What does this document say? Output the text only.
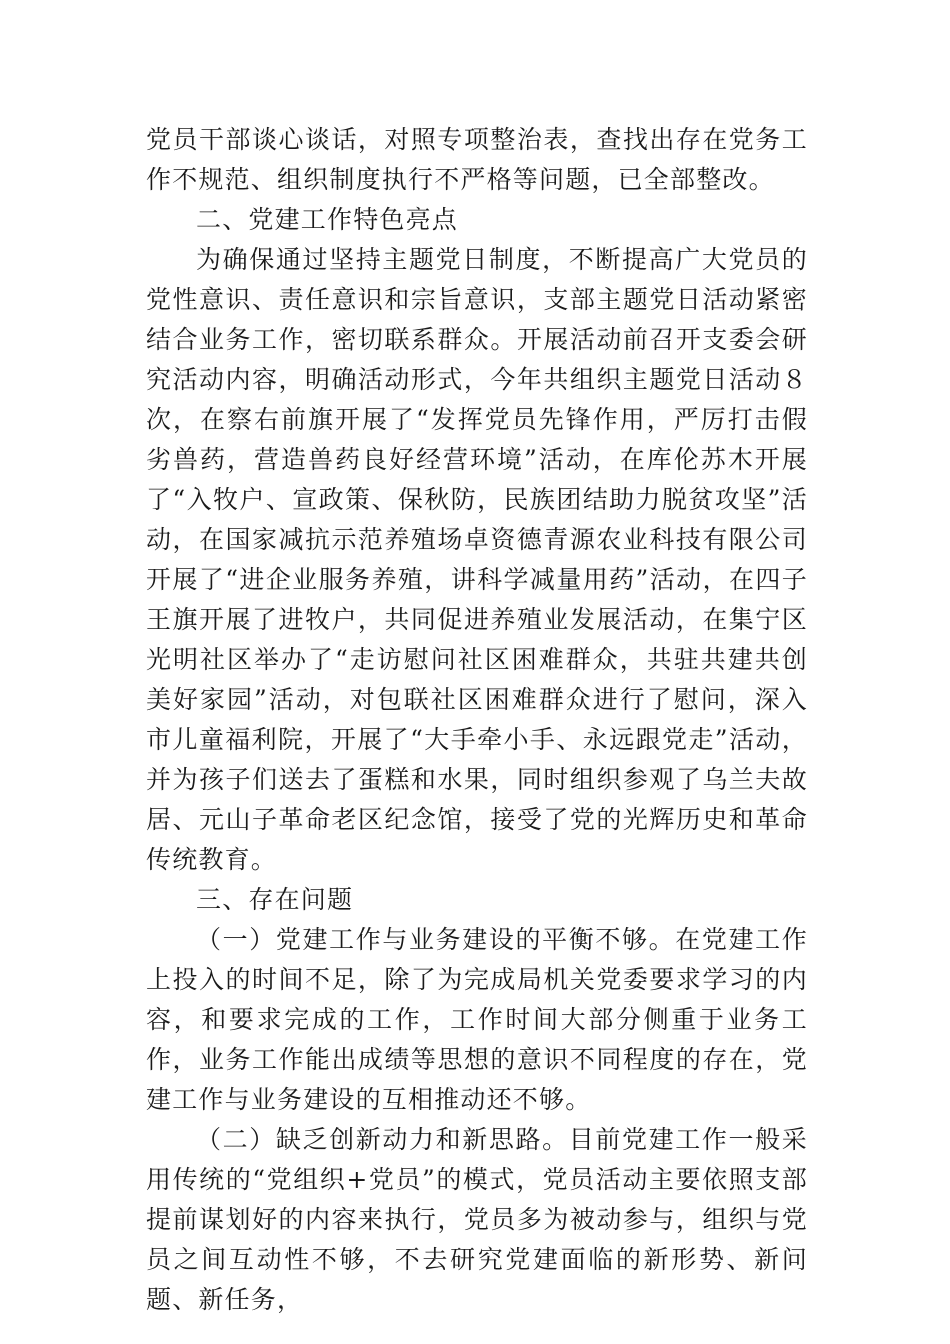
党员干部谈心谈话，对照专项整治表，查找出存在党务工作不规范、组织制度执行不严格等问题，已全部整改。

二、党建工作特色亮点

为确保通过坚持主题党日制度，不断提高广大党员的党性意识、责任意识和宗旨意识，支部主题党日活动紧密结合业务工作，密切联系群众。开展活动前召开支委会研究活动内容，明确活动形式，今年共组织主题党日活动８次，在察右前旗开展了“发挥党员先锋作用，严厉打击假劣兽药，营造兽药良好经营环境”活动，在库伦苏木开展了“入牧户、宣政策、保秋防，民族团结助力脱贫攻坚”活动，在国家减抗示范养殖场卓资德青源农业科技有限公司开展了“进企业服务养殖，讲科学减量用药”活动，在四子王旗开展了进牧户，共同促进养殖业发展活动，在集宁区光明社区举办了“走访慰问社区困难群众，共驻共建共创美好家园”活动，对包联社区困难群众进行了慰问，深入市儿童福利院，开展了“大手牵小手、永远跟党走”活动，并为孩子们送去了蛋糕和水果，同时组织参观了乌兰夫故居、元山子革命老区纪念馆，接受了党的光辉历史和革命传统教育。

三、存在问题

（一）党建工作与业务建设的平衡不够。在党建工作上投入的时间不足，除了为完成局机关党委要求学习的内容，和要求完成的工作，工作时间大部分侧重于业务工作，业务工作能出成绩等思想的意识不同程度的存在，党建工作与业务建设的互相推动还不够。

（二）缺乏创新动力和新思路。目前党建工作一般采用传统的“党组织+党员”的模式，党员活动主要依照支部提前谋划好的内容来执行，党员多为被动参与，组织与党员之间互动性不够，不去研究党建面临的新形势、新问题、新任务，
